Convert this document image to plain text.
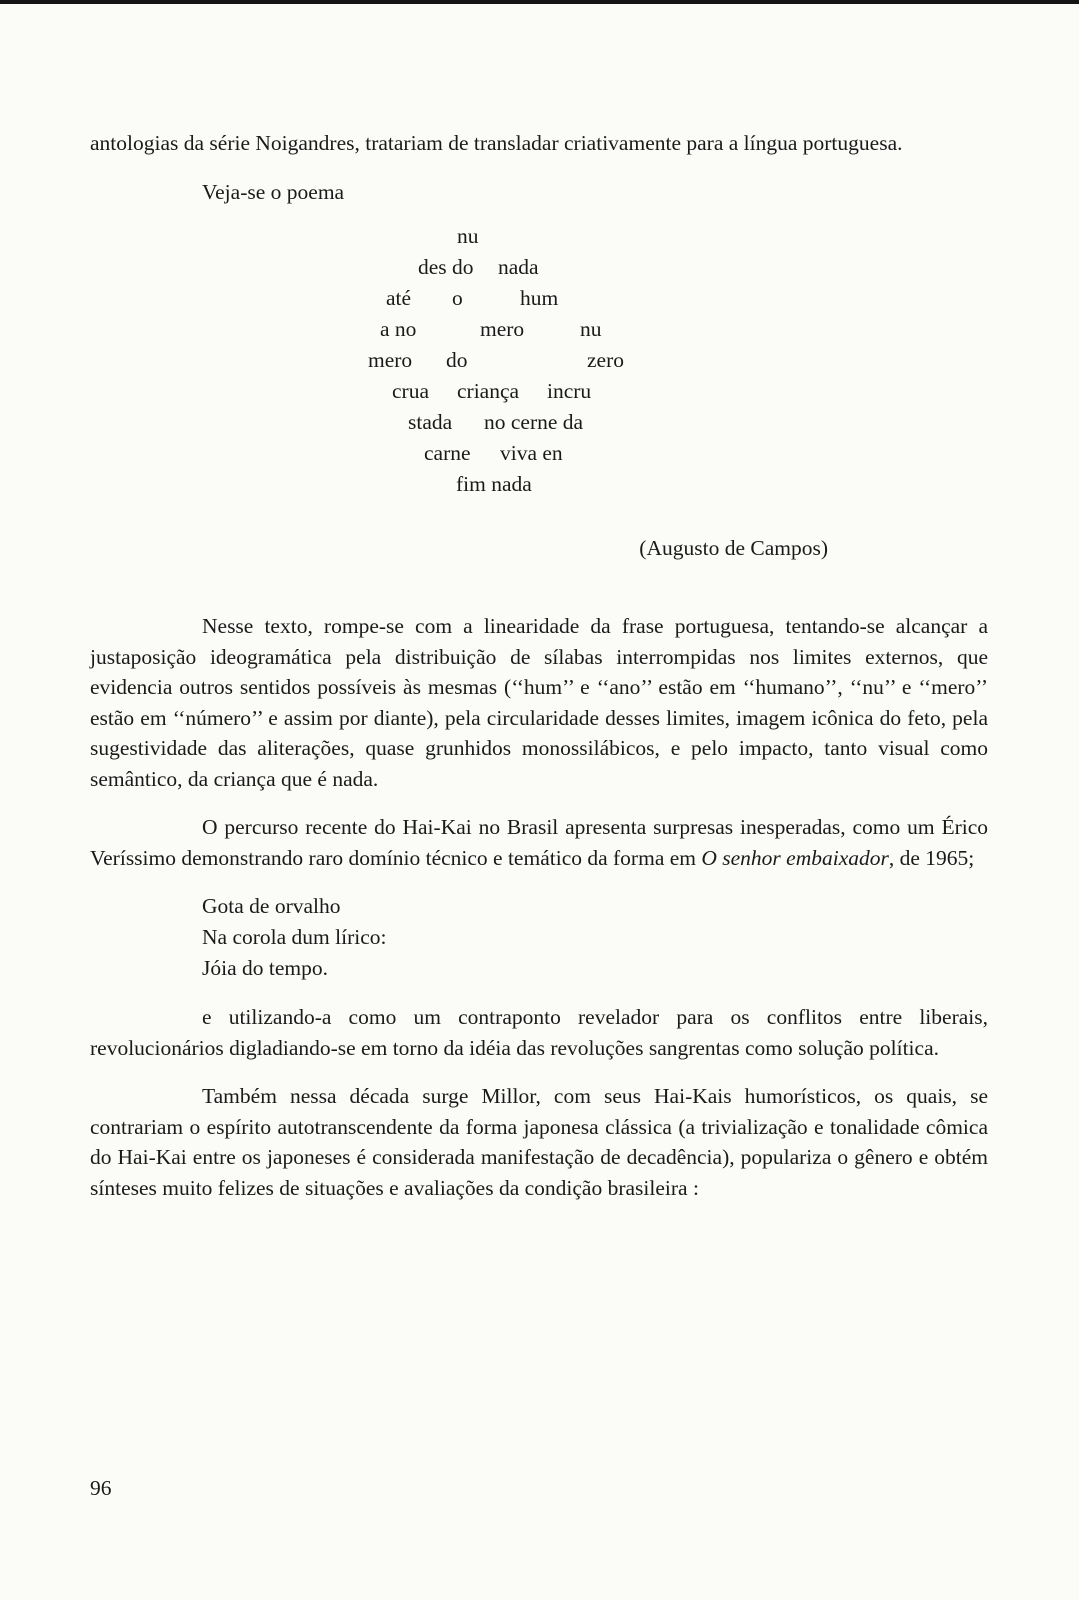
antologias da série Noigandres, tratariam de transladar criativamente para a língua portuguesa.

Veja-se o poema

nu
des do nada
até o	hum
a no	mero	nu
mero do	zero
crua criança incru
stada no cerne da
carne viva en
fim nada
(Augusto de Campos)

Nesse texto, rompe-se com a linearidade da frase portuguesa, tentando-se alcançar a justaposição ideogramática pela distribuição de sílabas interrompidas nos limites externos, que evidencia outros sentidos possíveis às mesmas (‘‘hum’’ e ‘‘ano’’ estão em ‘‘humano’’, ‘‘nu’’ e ‘‘mero’’ estão em ‘‘número’’ e assim por diante), pela circularidade desses limites, imagem icônica do feto, pela sugestividade das aliterações, quase grunhidos monossilábicos, e pelo impacto, tanto visual como semântico, da criança que é nada.

O percurso recente do Hai-Kai no Brasil apresenta surpresas inesperadas, como um Érico Veríssimo demonstrando raro domínio técnico e temático da forma em O senhor embaixador, de 1965;

Gota de orvalho
Na corola dum lírico:
Jóia do tempo.

e utilizando-a como um contraponto revelador para os conflitos entre liberais, revolucionários digladiando-se em torno da idéia das revoluções sangrentas como solução política.

Também nessa década surge Millor, com seus Hai-Kais humorísticos, os quais, se contrariam o espírito autotranscendente da forma japonesa clássica (a trivialização e tonalidade cômica do Hai-Kai entre os japoneses é considerada manifestação de decadência), populariza o gênero e obtém sínteses muito felizes de situações e avaliações da condição brasileira :

96
